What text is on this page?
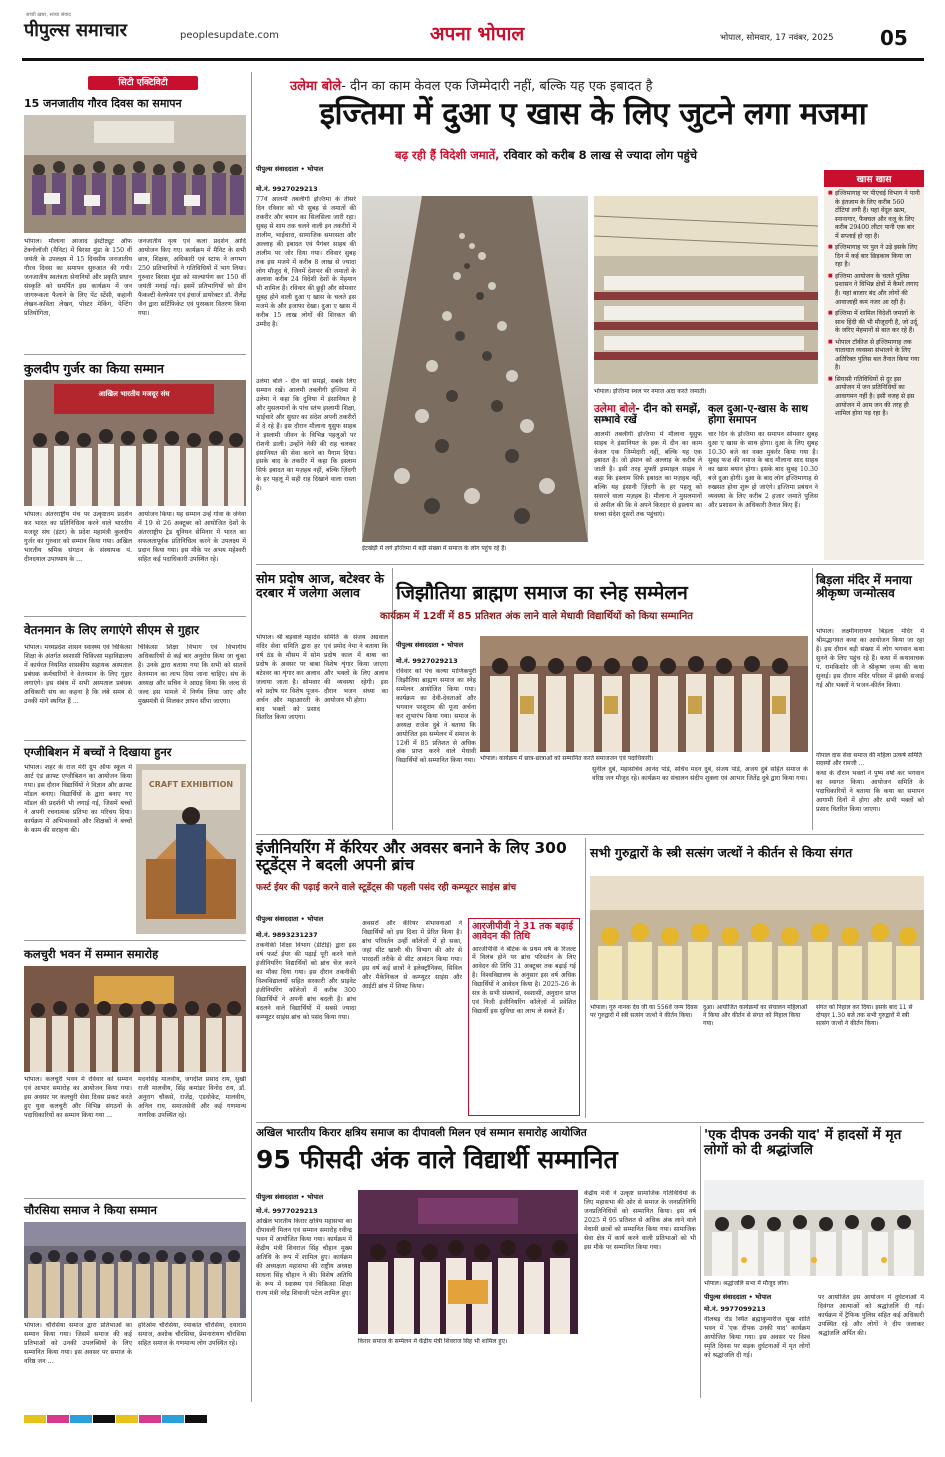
सच्ची ख़बर, सच्चा संवाद
पीपुल्स समाचार	peoplesupdate.com	अपना भोपाल	भोपाल, सोमवार, 17 नवंबर, 2025 05
सिटी एक्टिविटी
15 जनजातीय गौरव दिवस का समापन
भोपाल। मौलाना आजाद इंस्टीट्यूट ऑफ टेक्नोलॉजी (मैनिट) में बिरसा मुंडा के 150 वीं जयंती के उपलक्ष्य में 15 दिवसीय जनजातीय गौरव दिवस का समापन सुरुआत की गयी। जनजातीय स्वतंत्रता सेनानियों और प्रकृति प्रधान संस्कृति को समर्पित इस कार्यक्रम में जन जागरूकता फैलाने के लिए पेंट स्टेंसी, कहानी लेखन-कविता लेखन, पोस्टर मेकिंग, पेन्टिंग प्रतियोगिता,
जनजातीय नृत्य एवं कला प्रदर्शन आदि आयोजन किए गए। कार्यक्रम में मैनिट के सभी छात्र, शिक्षक, अधिकारी एवं स्टाफ ने लगभग 250 प्रतिभागियों ने गतिविधियों में भाग लिया। गुरुवार बिरसा मुंडा को माल्यार्पण कर 150 वीं जयंती मनाई गई। इसमें प्रतिभागियों को डीन फैकल्टी वेलफेयर एवं इंचार्ज डायरेक्टर डॉ. शैलेंद्र जैन द्वारा सर्टिफिकेट एवं पुरस्कार वितरण किया गया।
कुलदीप गुर्जर का किया सम्मान
आखिल भारतीय मजदूर संघ
भोपाल। अंतरराष्ट्रीय मंच पर उत्कृष्टतम प्रदर्शन कर भारत का प्रतिनिधित्व करने वाले भारतीय मजदूर संघ (इंटर) के प्रदेश महामंत्री कुलदीप गुर्जर का गुरुवार को सम्मान किया गया। अखिल भारतीय श्रमिक संगठन के संस्थापक पं. दीनदयाल उपाध्याय के ...
आयोजन किया। यह सम्मान उन्हें गोवा के जेनेवा में 19 से 26 अक्टूबर को आयोजित देशों के अंतरराष्ट्रीय ट्रेड यूनियन सेमिनार में भारत का सफलतापूर्वक प्रतिनिधित्व करने के उपलक्ष्य में प्रदान किया गया। इस मौके पर अभय महेश्वरी सहित कई पदाधिकारी उपस्थित रहे।
वेतनमान के लिए लगाएंगे सीएम से गुहार
भोपाल। मध्यप्रदेश शासन स्वास्थ्य एवं चिकित्सा शिक्षा के अंतर्गत स्वशासी चिकित्सा महाविद्यालय में कार्यरत नियमित शासकीय सहायक अस्पताल प्रबंधक कर्मचारियों ने वेतनमान के लिए गुहार लगाएंगे। इस संबंध में सभी अस्पताल प्रबंधक अधिकारी संघ का कहना है कि लंबे समय से उनकी मांगें स्थगित हैं ...
चिकित्सा शिक्षा विभाग एवं विभागीय अधिकारियों से कई बार अनुरोध किया जा चुका है। उनके द्वारा बताया गया कि सभी को सातवें वेतनमान का लाभ दिया जाना चाहिए। संघ के अध्यक्ष और सचिव ने आग्रह किया कि जल्द से जल्द इस मामले में निर्णय लिया जाए और मुख्यमंत्री से मिलकर ज्ञापन सौंपा जाएगा।
एग्जीबिशन में बच्चों ने दिखाया हुनर
भोपाल। शहर के राज मेरी ग्रुप ऑफ स्कूल में आर्ट एंड क्राफ्ट एग्जीबिशन का आयोजन किया गया। इस दौरान विद्यार्थियों ने विज्ञान और क्राफ्ट मॉडल बनाए। विद्यार्थियों के द्वारा बनाए गए मॉडल की प्रदर्शनी भी लगाई गई, जिसमें बच्चों ने अपनी रचनात्मक प्रतिभा का परिचय दिया। कार्यक्रम में अभिभावकों और शिक्षकों ने बच्चों के काम की सराहना की।
CRAFT EXHIBITION
कलचुरी भवन में सम्मान समारोह
भोपाल। कलचुरी भवन में रविवार को सम्मान एवं आभार समारोह का आयोजन किया गया। इस अवसर पर कलचुरी सेवा दिवस प्रकट करते हुए युवा कलचुरी और विभिन्न संगठनों के पदाधिकारियों का सम्मान किया गया ...
मदनसिंह मालवीय, जगदीश प्रसाद राय, सुखी राजी मालवीय, सिंह कमांडर विनोद राय, डॉ. अनुराग चौकसे, राजेंद्र, एडवोकेट, मालवीय, अनिल राय, समाजसेवी और कई गणमान्य नागरिक उपस्थित रहे।
चौरसिया समाज ने किया सम्मान
भोपाल। चौरसिया समाज द्वारा प्रतिभाओं का सम्मान किया गया। जिसमें समाज की कई प्रतिभाओं को उनकी उपलब्धियों के लिए सम्मानित किया गया। इस अवसर पर समाज के वरिष्ठ जन ...
हरिओम चौरसिया, रमाकांत चौरसिया, दयाराम समाज, अशोक चौरसिया, प्रेमनारायण चौरसिया सहित समाज के गणमान्य लोग उपस्थित रहे।
उलेमा बोले- दीन का काम केवल एक जिम्मेदारी नहीं, बल्कि यह एक इबादत है
इज्तिमा में दुआ ए खास के लिए जुटने लगा मजमा
बढ़ रही हैं विदेशी जमातें, रविवार को करीब 8 लाख से ज्यादा लोग पहुंचे
पीपुल्स संवाददाता • भोपाल
मो.नं. 9927029213
77वें आलमी तबलीगी इज्तिमा के तीसरे दिन रविवार को भी सुबह से जमातों की तकरीर और बयान का सिलसिला जारी रहा। सुबह से शाम तक चलने वाली इन तकरीरों में तालीम, भाईचारा, सामाजिक समरसता और अल्लाह की इबादत एवं पैगंबर साहब की तालीम पर जोर दिया गया। रविवार सुबह तक इस मजमे में करीब 8 लाख से ज्यादा लोग मौजूद थे, जिनमें देशभर की जमातों के अलावा करीब 24 विदेशी देशों के मेहमान भी शामिल हैं। रविवार की छुट्टी और सोमवार सुबह होने वाली दुआ ए खास के चलते इस मजमे के और इजाफा देखा। दुआ ए खास में करीब 15 लाख लोगों की शिरकत की उम्मीद है।
उलेमा बोले - दीन को समझें, सबके लिए सम्मान रखें। आलमी तबलीगी इज्तिमा में उलेमा ने कहा कि दुनिया में इंसानियत है और मुसलमानों के पांच स्तंभ इस्लामी शिक्षा, भाईचारे और सुधार का संदेश अपनी तकरीरों में दे रहे हैं। इस दौरान मौलाना यूसुफ साहब ने इस्लामी जीवन के विभिन्न पहलुओं पर रोशनी डाली। उन्होंने नेकी की राह चलकर इंसानियत की सेवा करने का पैगाम दिया। इसके बाद के तकरीर में कहा कि इस्लाम सिर्फ इबादत का मज़हब नहीं, बल्कि ज़िंदगी के हर पहलू में सही राह दिखाने वाला रास्ता है।
ईटखेड़ी में लगे इज्तिमा में बड़ी संख्या में समाज के लोग पहुंच रहे हैं।
भोपाल। इज्तिमा स्थल पर नमाज अदा करते जमाती।
उलेमा बोले- दीन को समझें, सम्भावे रखें
आलमी तबलीगी इज्तिमा में मौलाना यूसुफ साहब ने इंसानियत के हक में दीन का काम केवल एक जिम्मेदारी नहीं, बल्कि यह एक इबादत है। जो इंसान को अल्लाह के करीब ले जाती है। इसी तरह मुफ्ती इस्माइल साहब ने कहा कि इस्लाम सिर्फ इबादत का मज़हब नहीं, बल्कि यह इंसानी ज़िंदगी के हर पहलू को सवारने वाला मज़हब है। मौलाना ने मुसलमानों से अपील की कि वे अपने किरदार से इस्लाम का सच्चा संदेश दूसरों तक पहुंचाएं।
कल दुआ-ए-खास के साथ होगा समापन
चार दिन के इज्तिमा का समापन सोमवार सुबह दुआ ए खास के साथ होगा। दुआ के लिए सुबह 10.30 बजे का वक्त मुकर्रर किया गया है। सुबह फज्र की नमाज के बाद मौलाना साद साहब का खास बयान होगा। इसके बाद सुबह 10.30 बजे दुआ होगी। दुआ के बाद लोग इज्तिमागाह से रुखसत होना शुरू हो जाएंगे। इज्तिमा प्रबंधन ने व्यवस्था के लिए करीब 2 हजार जमाते पुलिस और प्रशासन के अधिकारी तैनात किए हैं।
खास खास
■ इज्तिमागाह पर पीएचई विभाग ने पानी के इंतजाम के लिए करीब 560 टोंटियां लगी हैं। यहां वेंदूल खत्म, स्नानागार, फैक्चल और वजू के लिए करीब 29400 लीटर पानी एक बार में सप्लाई हो रहा है।
■ इज्तिमागाह पर पुल ने उड़े इसके लिए दिन में कई बार छिड़काव किया जा रहा है।
■ इज्तिमा आयोजन के चलते पुलिस प्रशासन ने विभिन्न क्षेत्रों में कैमरे लगाए हैं। यहां बाजार बंद और लोगों की आवाजाही कम नजर आ रही है।
■ इज्तिमा में शामिल विदेशी जमातों के साथ हिंदी की भी मौजूदगी है, जो उर्दू के जरिए मेहमानों से बात कर रहे हैं।
■ भोपाल टॉकीज से इज्तिमागाह तक यातायात व्यवस्था संभालने के लिए अतिरिक्त पुलिस बल तैनात किया गया है।
■ सियासी गतिविधियों से दूर इस आयोजन में जन प्रतिनिधियों का आवागमन नहीं है। इसी वजह से इस आयोजन में आम जन की तरह ही शामिल होना पड़ रहा है।
सोम प्रदोष आज, बटेश्वर के दरबार में जलेगा अलाव
भोपाल। श्री बड़वाले महादेव मंदिर सेवा समिति द्वारा हर वर्ष ठंड के मौसम में सोम प्रदोष के अवसर पर बाबा बटेश्वर का शृंगार कर अलाव जलाया जाता है। सोमवार को प्रदोष पर विशेष पूजन-अर्चन और महाआरती के बाद भक्तों को प्रसाद वितरित किया जाएगा।
समिति के संजय अग्रवाल एवं प्रमोद नेमा ने बताया कि प्रदोष काल में बाबा का विशेष शृंगार किया जाएगा और भक्तों के लिए अलाव की व्यवस्था रहेगी। इस दौरान भजन संध्या का आयोजन भी होगा।
जिझौतिया ब्राह्मण समाज का स्नेह सम्मेलन
कार्यक्रम में 12वीं में 85 प्रतिशत अंक लाने वाले मेधावी विद्यार्थियों को किया सम्मानित
पीपुल्स संवाददाता • भोपाल
मो.नं. 9927029213
रविवार को पंच कल्या माणिकपुरी जिझौतिया ब्राह्मण समाज का स्नेह सम्मेलन आयोजित किया गया। कार्यक्रम का देवी-देवताओं और भगवान परशुराम की पूजा अर्चना कर शुभारंभ किया गया। समाज के अध्यक्ष राजेश दुबे ने बताया कि आयोजित इस सम्मेलन में समाज के 12वीं में 85 प्रतिशत से अधिक अंक प्राप्त करने वाले मेधावी विद्यार्थियों को सम्मानित किया गया। भोपाल। कार्यक्रम में छात्र-छात्राओं को सम्मानित करते समाजजन एवं पदाधिकारी।
सुनील दुबे, महासचिव आनंद पांडे, सचिव मदन दुबे, संजय पांडे, अजय दुबे सहित समाज के वरिष्ठ जन मौजूद रहे। कार्यक्रम का संचालन संदीप शुक्ला एवं आभार जितेंद्र दुबे द्वारा किया गया।
बिड़ला मंदिर में मनाया श्रीकृष्ण जन्मोत्सव
भोपाल। लक्ष्मीनारायण बिड़ला मंदिर में श्रीमद्भागवत कथा का आयोजन किया जा रहा है। इस दौरान बड़ी संख्या में लोग भगवान कथा सुनने के लिए पहुंच रहे हैं। कथा में कथावाचक पं. रामकिशोर जी ने श्रीकृष्ण जन्म की कथा सुनाई। इस दौरान मंदिर परिसर में झांकी सजाई गई और भक्तों ने भजन-कीर्तन किया।
गोपाल दास सेवा समाज की महिला उत्कर्ष समिति सदस्यों और रामजी ...
कथा के दौरान भक्तों ने पुष्प वर्षा कर भगवान का स्वागत किया। आयोजन समिति के पदाधिकारियों ने बताया कि कथा का समापन आगामी दिनों में होगा और सभी भक्तों को प्रसाद वितरित किया जाएगा।
इंजीनियरिंग में कॅरियर और अवसर बनाने के लिए 300 स्टूडेंट्स ने बदली अपनी ब्रांच
फर्स्ट ईयर की पढ़ाई करने वाले स्टूडेंट्स की पहली पसंद रही कम्प्यूटर साइंस ब्रांच
पीपुल्स संवाददाता • भोपाल
मो.नं. 9893231237
तकनीकी शिक्षा विभाग (डीटीई) द्वारा इस वर्ष फर्स्ट ईयर की पढ़ाई पूरी करने वाले इंजीनियरिंग विद्यार्थियों को ब्रांच चेंज करने का मौका दिया गया। इस दौरान तकनीकी विश्वविद्यालयों सहित सरकारी और प्राइवेट इंजीनियरिंग कॉलेजों में करीब 300 विद्यार्थियों ने अपनी ब्रांच बदली है। ब्रांच बदलने वाले विद्यार्थियों में सबसे ज्यादा कम्प्यूटर साइंस ब्रांच को पसंद किया गया।
अवसरों और कॅरियर संभावनाओं ने विद्यार्थियों को इस दिशा में प्रेरित किया है। ब्रांच परिवर्तन उन्हीं कॉलेजों में हो सका, जहां सीट खाली थी। विभाग की ओर से पारदर्शी तरीके से सीट आवंटन किया गया। इस वर्ष कई छात्रों ने इलेक्ट्रॉनिक्स, सिविल और मैकेनिकल से कम्प्यूटर साइंस और आईटी ब्रांच में शिफ्ट किया।
आरजीपीवी ने 31 तक बढ़ाई आवेदन की तिथि
आरजीपीवी ने बीटेक के प्रथम वर्ष के रिजल्ट में विलंब होने पर ब्रांच परिवर्तन के लिए आवेदन की तिथि 31 अक्टूबर तक बढ़ाई गई है। विश्वविद्यालय के अनुसार इस वर्ष अधिक विद्यार्थियों ने आवेदन किया है। 2025-26 के सत्र के सभी संस्थानों, स्वशासी, अनुदान प्राप्त एवं निजी इंजीनियरिंग कॉलेजों में प्रवेशित विद्यार्थी इस सुविधा का लाभ ले सकते हैं।
सभी गुरुद्वारों के स्त्री सत्संग जत्थों ने कीर्तन से किया संगत
भोपाल। गुरु नानक देव जी का 556वें जन्म दिवस पर गुरुद्वारों में स्त्री सत्संग जत्थों ने कीर्तन किया।
दुआ। आयोजित कार्यक्रमों का संचालन महिलाओं ने किया और कीर्तन से संगत को निहाल किया गया।
संगत को निहाल कर दिया। इसके बाद 11 से दोपहर 1.30 बजे तक सभी गुरुद्वारों में स्त्री सत्संग जत्थों ने कीर्तन किया।
अखिल भारतीय किरार क्षत्रिय समाज का दीपावली मिलन एवं सम्मान समारोह आयोजित
95 फीसदी अंक वाले विद्यार्थी सम्मानित
पीपुल्स संवाददाता • भोपाल
मो.नं. 9977029213
अखिल भारतीय किरार क्षत्रिय महासभा का दीपावली मिलन एवं सम्मान समारोह रवीन्द्र भवन में आयोजित किया गया। कार्यक्रम में केंद्रीय मंत्री शिवराज सिंह चौहान मुख्य अतिथि के रूप में शामिल हुए। कार्यक्रम की अध्यक्षता महासभा की राष्ट्रीय अध्यक्ष साधना सिंह चौहान ने की। विशेष अतिथि के रूप में स्वास्थ्य एवं चिकित्सा शिक्षा राज्य मंत्री नरेंद्र शिवाजी पटेल शामिल हुए।
किरार समाज के सम्मेलन में केंद्रीय मंत्री शिवराज सिंह भी शामिल हुए।
केंद्रीय मंत्री ने उत्कृष्ट सामाजिक गतिविधियों के लिए महासभा की ओर से समाज के जनप्रतिनिधि जनप्रतिनिधियों को सम्मानित किया। इस वर्ष 2025 में 95 प्रतिशत से अधिक अंक लाने वाले मेधावी छात्रों को सम्मानित किया गया। सामाजिक सेवा क्षेत्र में कार्य करने वाली प्रतिभाओं को भी इस मौके पर सम्मानित किया गया।
'एक दीपक उनकी याद' में हादसों में मृत लोगों को दी श्रद्धांजलि
भोपाल। श्रद्धांजलि सभा में मौजूद लोग।
पीपुल्स संवाददाता • भोपाल
मो.नं. 9977099213
नीलबड़ रोड स्थित ब्रह्माकुमारीज सुख शांति भवन में 'एक दीपक उनकी याद' कार्यक्रम आयोजित किया गया। इस अवसर पर विश्व स्मृति दिवस पर सड़क दुर्घटनाओं में मृत लोगों को श्रद्धांजलि दी गई।
पर आयोजित इस आयोजन में दुर्घटनाओं में दिवंगत आत्माओं को श्रद्धांजलि दी गई। कार्यक्रम में ट्रैफिक पुलिस सहित कई अधिकारी उपस्थित रहे और लोगों ने दीप जलाकर श्रद्धांजलि अर्पित की।
